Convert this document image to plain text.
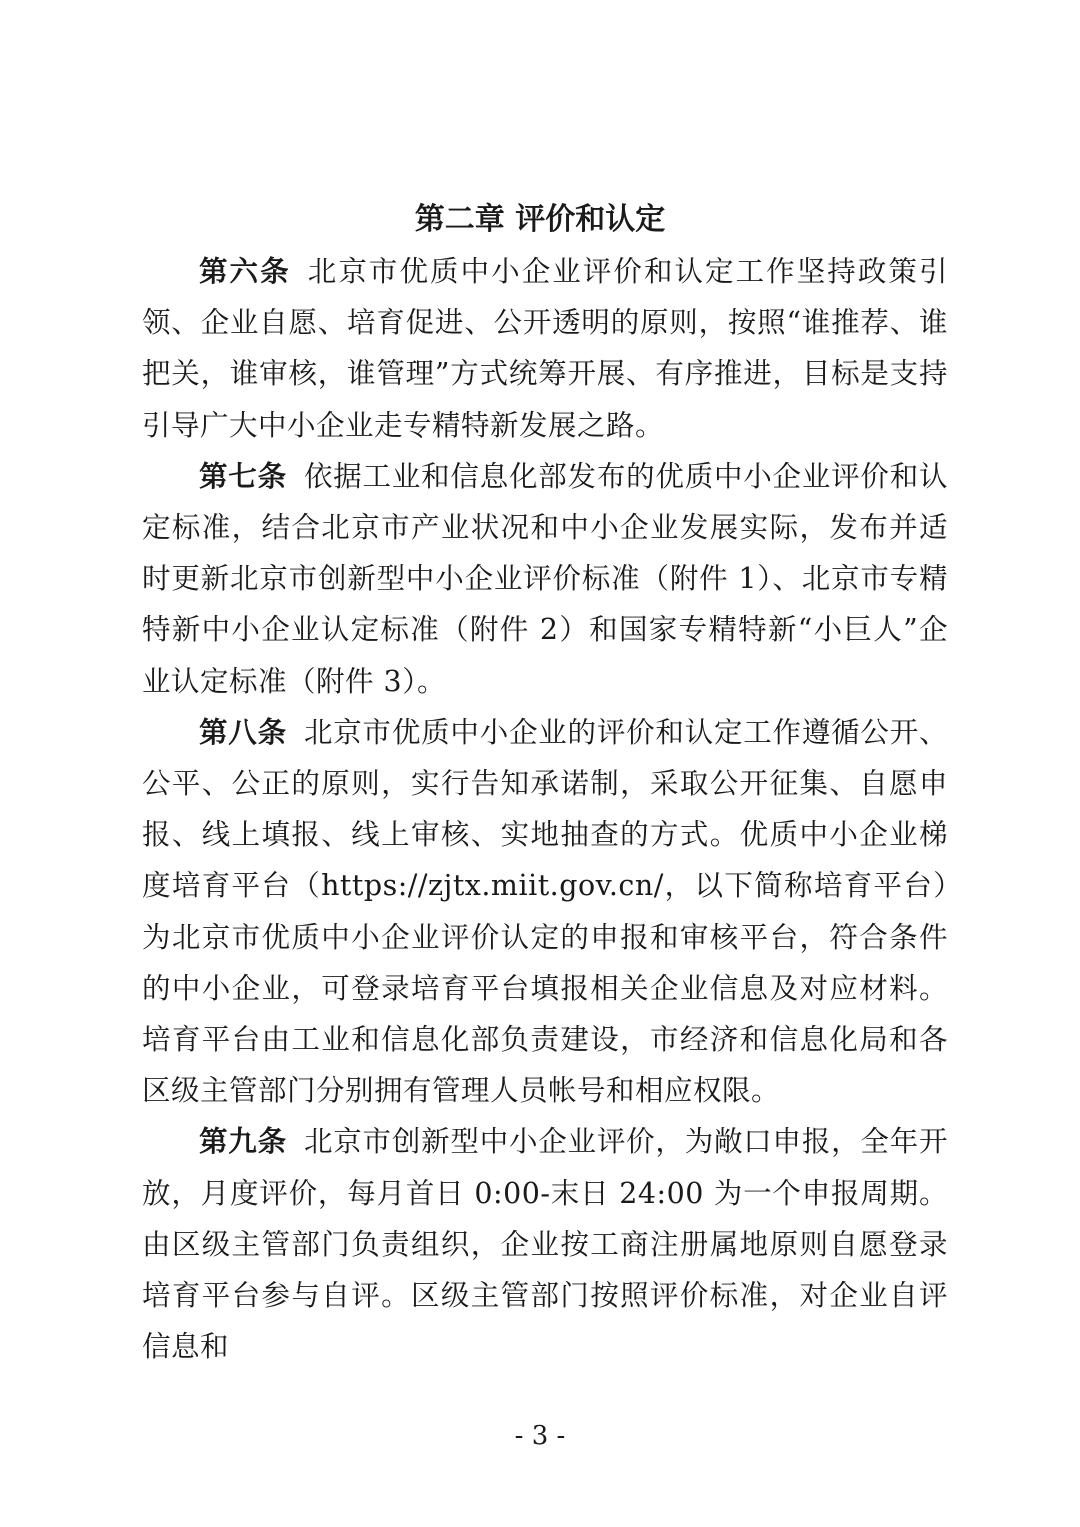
第二章 评价和认定

第六条 北京市优质中小企业评价和认定工作坚持政策引领、企业自愿、培育促进、公开透明的原则，按照“谁推荐、谁把关，谁审核，谁管理”方式统筹开展、有序推进，目标是支持引导广大中小企业走专精特新发展之路。

第七条 依据工业和信息化部发布的优质中小企业评价和认定标准，结合北京市产业状况和中小企业发展实际，发布并适时更新北京市创新型中小企业评价标准（附件 1）、北京市专精特新中小企业认定标准（附件 2）和国家专精特新“小巨人”企业认定标准（附件 3）。

第八条 北京市优质中小企业的评价和认定工作遵循公开、公平、公正的原则，实行告知承诺制，采取公开征集、自愿申报、线上填报、线上审核、实地抽查的方式。优质中小企业梯度培育平台（https://zjtx.miit.gov.cn/，以下简称培育平台）为北京市优质中小企业评价认定的申报和审核平台，符合条件的中小企业，可登录培育平台填报相关企业信息及对应材料。培育平台由工业和信息化部负责建设，市经济和信息化局和各区级主管部门分别拥有管理人员帐号和相应权限。

第九条 北京市创新型中小企业评价，为敞口申报，全年开放，月度评价，每月首日 0:00-末日 24:00 为一个申报周期。由区级主管部门负责组织，企业按工商注册属地原则自愿登录培育平台参与自评。区级主管部门按照评价标准，对企业自评信息和

- 3 -
